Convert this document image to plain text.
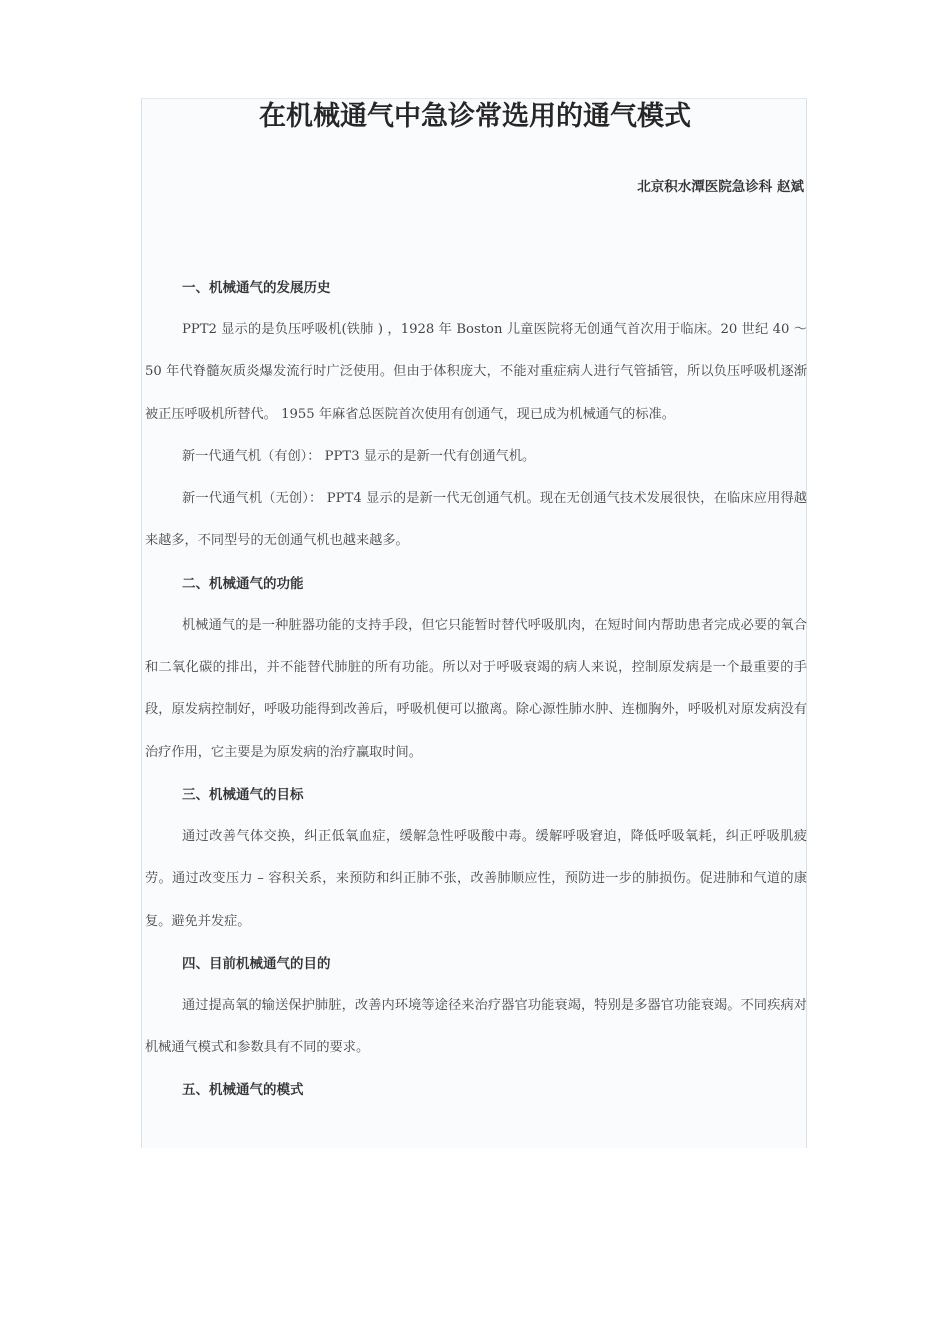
在机械通气中急诊常选用的通气模式

北京积水潭医院急诊科 赵斌

一、机械通气的发展历史

PPT2 显示的是负压呼吸机(铁肺 ) ，1928 年 Boston 儿童医院将无创通气首次用于临床。20 世纪 40 ～ 50 年代脊髓灰质炎爆发流行时广泛使用。但由于体积庞大，不能对重症病人进行气管插管，所以负压呼吸机逐渐被正压呼吸机所替代。 1955 年麻省总医院首次使用有创通气，现已成为机械通气的标准。

新一代通气机（有创）： PPT3 显示的是新一代有创通气机。

新一代通气机（无创）： PPT4 显示的是新一代无创通气机。现在无创通气技术发展很快，在临床应用得越来越多，不同型号的无创通气机也越来越多。

二、机械通气的功能

机械通气的是一种脏器功能的支持手段，但它只能暂时替代呼吸肌肉，在短时间内帮助患者完成必要的氧合和二氧化碳的排出，并不能替代肺脏的所有功能。所以对于呼吸衰竭的病人来说，控制原发病是一个最重要的手段，原发病控制好，呼吸功能得到改善后，呼吸机便可以撤离。除心源性肺水肿、连枷胸外，呼吸机对原发病没有治疗作用，它主要是为原发病的治疗赢取时间。

三、机械通气的目标

通过改善气体交换，纠正低氧血症，缓解急性呼吸酸中毒。缓解呼吸窘迫，降低呼吸氧耗，纠正呼吸肌疲劳。通过改变压力 – 容积关系，来预防和纠正肺不张，改善肺顺应性，预防进一步的肺损伤。促进肺和气道的康复。避免并发症。

四、目前机械通气的目的

通过提高氧的输送保护肺脏，改善内环境等途径来治疗器官功能衰竭，特别是多器官功能衰竭。不同疾病对机械通气模式和参数具有不同的要求。

五、机械通气的模式
